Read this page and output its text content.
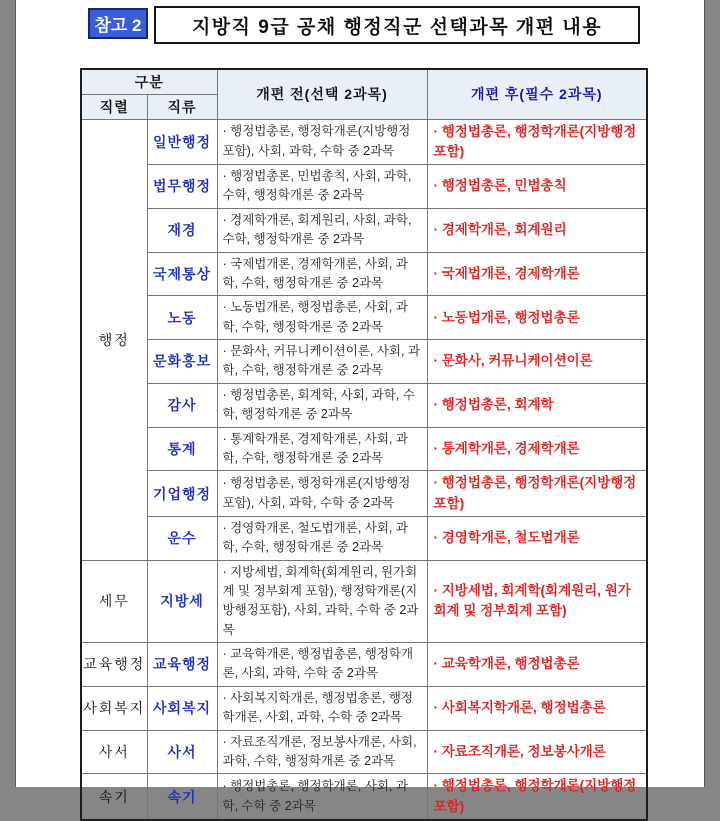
참고 2	지방직 9급 공채 행정직군 선택과목 개편 내용
구분		개편 전(선택 2과목)	개편 후(필수 2과목)
직렬	직류		
행정	일반행정	· 행정법총론, 행정학개론(지방행정 포함), 사회, 과학, 수학 중 2과목	· 행정법총론, 행정학개론(지방행정 포함)
	법무행정	· 행정법총론, 민법총칙, 사회, 과학, 수학, 행정학개론 중 2과목	· 행정법총론, 민법총칙
	재경	· 경제학개론, 회계원리, 사회, 과학, 수학, 행정학개론 중 2과목	· 경제학개론, 회계원리
	국제통상	· 국제법개론, 경제학개론, 사회, 과학, 수학, 행정학개론 중 2과목	· 국제법개론, 경제학개론
	노동	· 노동법개론, 행정법총론, 사회, 과학, 수학, 행정학개론 중 2과목	· 노동법개론, 행정법총론
	문화홍보	· 문화사, 커뮤니케이션이론, 사회, 과학, 수학, 행정학개론 중 2과목	· 문화사, 커뮤니케이션이론
	감사	· 행정법총론, 회계학, 사회, 과학, 수학, 행정학개론 중 2과목	· 행정법총론, 회계학
	통계	· 통계학개론, 경제학개론, 사회, 과학, 수학, 행정학개론 중 2과목	· 통계학개론, 경제학개론
	기업행정	· 행정법총론, 행정학개론(지방행정 포함), 사회, 과학, 수학 중 2과목	· 행정법총론, 행정학개론(지방행정 포함)
	운수	· 경영학개론, 철도법개론, 사회, 과학, 수학, 행정학개론 중 2과목	· 경영학개론, 철도법개론
세무	지방세	· 지방세법, 회계학(회계원리, 원가회계 및 정부회계 포함), 행정학개론(지방행정포함), 사회, 과학, 수학 중 2과목	· 지방세법, 회계학(회계원리, 원가회계 및 정부회계 포함)
교육행정	교육행정	· 교육학개론, 행정법총론, 행정학개론, 사회, 과학, 수학 중 2과목	· 교육학개론, 행정법총론
사회복지	사회복지	· 사회복지학개론, 행정법총론, 행정학개론, 사회, 과학, 수학 중 2과목	· 사회복지학개론, 행정법총론
사서	사서	· 자료조직개론, 정보봉사개론, 사회, 과학, 수학, 행정학개론 중 2과목	· 자료조직개론, 정보봉사개론
속기	속기	· 행정법총론, 행정학개론, 사회, 과학, 수학 중 2과목	· 행정법총론, 행정학개론(지방행정 포함)
